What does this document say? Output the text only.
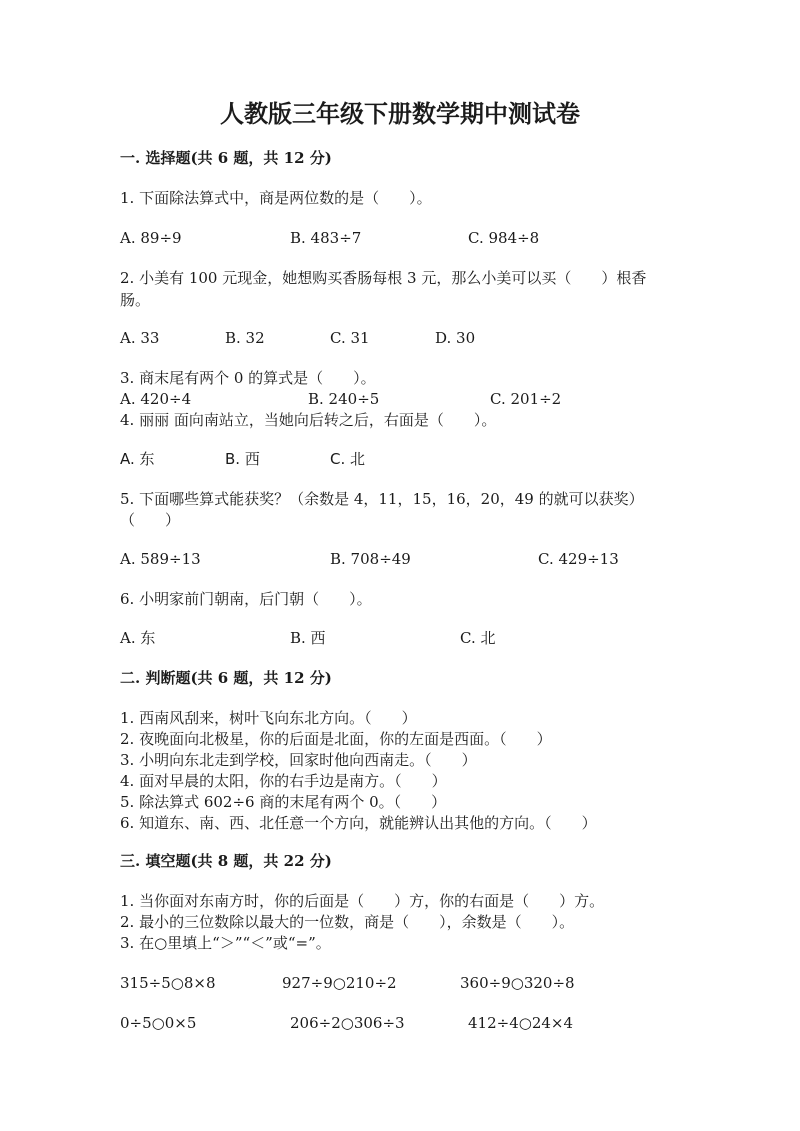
人教版三年级下册数学期中测试卷
一. 选择题(共 6 题，共 12 分)
1. 下面除法算式中，商是两位数的是（　　）。
A. 89÷9	B. 483÷7	C. 984÷8
2. 小美有 100 元现金，她想购买香肠每根 3 元，那么小美可以买（　　）根香
肠。
A. 33	B. 32	C. 31	D. 30
3. 商末尾有两个 0 的算式是（　　）。
A. 420÷4	B. 240÷5	C. 201÷2
4. 丽丽 面向南站立，当她向后转之后，右面是（　　）。
A. 东	B. 西	C. 北
5. 下面哪些算式能获奖？（余数是 4，11，15，16，20，49 的就可以获奖）
（　　）
A. 589÷13	B. 708÷49	C. 429÷13
6. 小明家前门朝南，后门朝（　　）。
A. 东	B. 西	C. 北
二. 判断题(共 6 题，共 12 分)
1. 西南风刮来，树叶飞向东北方向。（　　）
2. 夜晚面向北极星，你的后面是北面，你的左面是西面。（　　）
3. 小明向东北走到学校，回家时他向西南走。（　　）
4. 面对早晨的太阳，你的右手边是南方。（　　）
5. 除法算式 602÷6 商的末尾有两个 0。（　　）
6. 知道东、南、西、北任意一个方向，就能辨认出其他的方向。（　　）
三. 填空题(共 8 题，共 22 分)
1. 当你面对东南方时，你的后面是（　　）方，你的右面是（　　）方。
2. 最小的三位数除以最大的一位数，商是（　　），余数是（　　）。
3. 在○里填上“＞”“＜”或“=”。
315÷5○8×8	927÷9○210÷2	360÷9○320÷8
0÷5○0×5	206÷2○306÷3	412÷4○24×4
